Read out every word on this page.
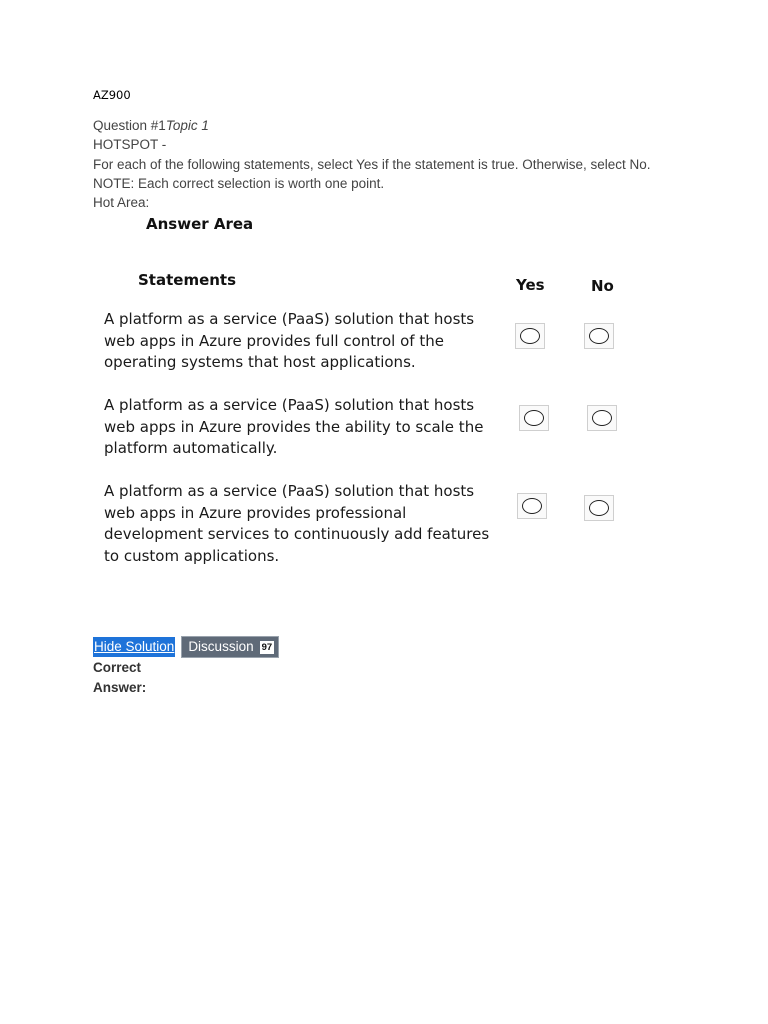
AZ900
Question #1Topic 1
HOTSPOT -
For each of the following statements, select Yes if the statement is true. Otherwise, select No.
NOTE: Each correct selection is worth one point.
Hot Area:
Answer Area
Statements	Yes	No
A platform as a service (PaaS) solution that hosts
web apps in Azure provides full control of the
operating systems that host applications.
A platform as a service (PaaS) solution that hosts
web apps in Azure provides the ability to scale the
platform automatically.
A platform as a service (PaaS) solution that hosts
web apps in Azure provides professional
development services to continuously add features
to custom applications.
Hide Solution Discussion 97
Correct Answer:
